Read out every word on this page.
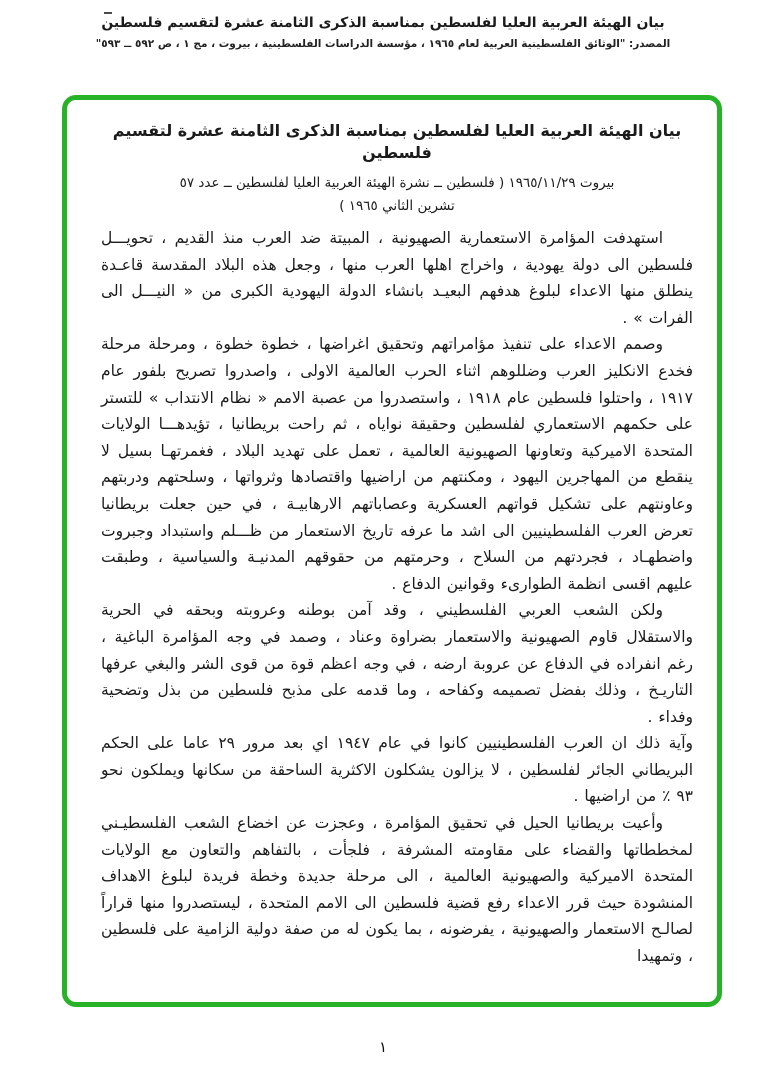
بيان الهيئة العربية العليا لفلسطين بمناسبة الذكرى الثامنة عشرة لتقسيم فلسطين
المصدر: "الوثائق الفلسطينية العربية لعام ١٩٦٥ ، مؤسسة الدراسات الفلسطينية ، بيروت ، مج ١ ، ص ٥٩٢ ــ ٥٩٣"
بيان الهيئة العربية العليا لفلسطين بمناسبة الذكرى الثامنة عشرة لتقسيم فلسطين
بيروت ١٩٦٥/١١/٢٩ ( فلسطين ــ نشرة الهيئة العربية العليا لفلسطين ــ عدد ٥٧
تشرين الثاني ١٩٦٥ )

استهدفت المؤامرة الاستعمارية الصهيونية ، المبيتة ضد العرب منذ القديم ، تحويـــل فلسطين الى دولة يهودية ، واخراج اهلها العرب منها ، وجعل هذه البلاد المقدسة قاعـدة ينطلق منها الاعداء لبلوغ هدفهم البعيـد بانشاء الدولة اليهودية الكبرى من « النيـــل الى الفرات » .

وصمم الاعداء على تنفيذ مؤامراتهم وتحقيق اغراضها ، خطوة خطوة ، ومرحلة مرحلة فخدع الانكليز العرب وضللوهم اثناء الحرب العالمية الاولى ، واصدروا تصريح بلفور عام ١٩١٧ ، واحتلوا فلسطين عام ١٩١٨ ، واستصدروا من عصبة الامم « نظام الانتداب » للتستر على حكمهم الاستعماري لفلسطين وحقيقة نواياه ، ثم راحت بريطانيا ، تؤيدهـــا الولايات المتحدة الاميركية وتعاونها الصهيونية العالمية ، تعمل على تهديد البلاد ، فغمرتهـا بسيل لا ينقطع من المهاجرين اليهود ، ومكنتهم من اراضيها واقتصادها وثرواتها ، وسلحتهم ودربتهم وعاونتهم على تشكيل قواتهم العسكرية وعصاباتهم الارهابيـة ، في حين جعلت بريطانيا تعرض العرب الفلسطينيين الى اشد ما عرفه تاريخ الاستعمار من ظـــلم واستبداد وجبروت واضطهـاد ، فجردتهم من السلاح ، وحرمتهم من حقوقهم المدنيـة والسياسية ، وطبقت عليهم اقسى انظمة الطوارىء وقوانين الدفاع .

ولكن الشعب العربي الفلسطيني ، وقد آمن بوطنه وعروبته وبحقه في الحرية والاستقلال قاوم الصهيونية والاستعمار بضراوة وعناد ، وصمد في وجه المؤامرة الباغية ، رغم انفراده في الدفاع عن عروبة ارضه ، في وجه اعظم قوة من قوى الشر والبغي عرفها التاريـخ ، وذلك بفضل تصميمه وكفاحه ، وما قدمه على مذبح فلسطين من بذل وتضحية وفداء .

وآية ذلك ان العرب الفلسطينيين كانوا في عام ١٩٤٧ اي بعد مرور ٢٩ عاما على الحكم البريطاني الجائر لفلسطين ، لا يزالون يشكلون الاكثرية الساحقة من سكانها ويملكون نحو ٩٣ ٪ من اراضيها .

وأعيت بريطانيا الحيل في تحقيق المؤامرة ، وعجزت عن اخضاع الشعب الفلسطيـني لمخططاتها والقضاء على مقاومته المشرفة ، فلجأت ، بالتفاهم والتعاون مع الولايات المتحدة الاميركية والصهيونية العالمية ، الى مرحلة جديدة وخطة فريدة لبلوغ الاهداف المنشودة حيث قرر الاعداء رفع قضية فلسطين الى الامم المتحدة ، ليستصدروا منها قراراً لصالـح الاستعمار والصهيونية ، يفرضونه ، بما يكون له من صفة دولية الزامية على فلسطين ، وتمهيدا

١
